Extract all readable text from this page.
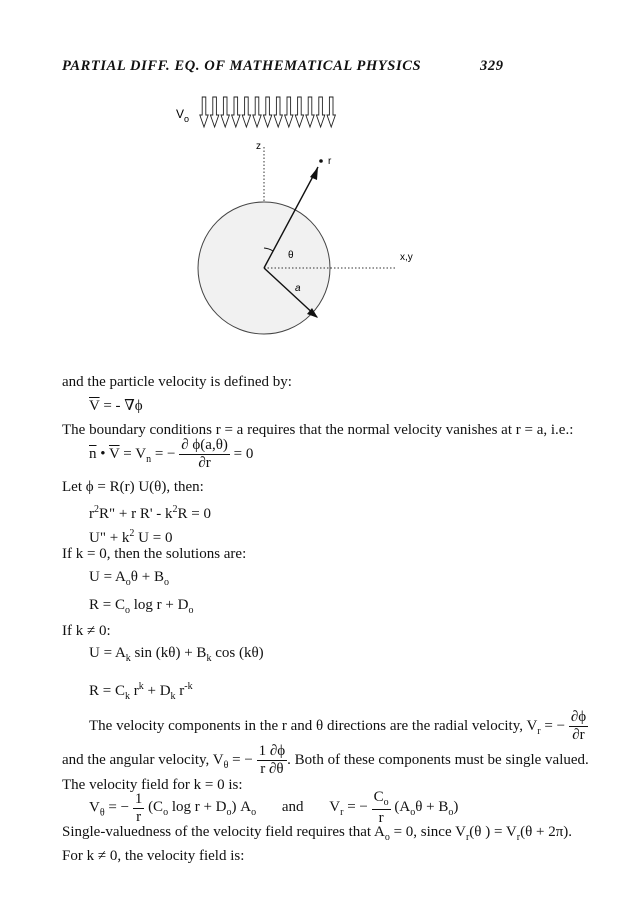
PARTIAL DIFF. EQ. OF MATHEMATICAL PHYSICS	329
$V_o$
z
x,y
r
θ
a
and the particle velocity is defined by:
$\overline{V}$ = - ∇ϕ
The boundary conditions r = a requires that the normal velocity vanishes at r = a, i.e.:
$\overline{n}$ • $\overline{V} = V_n$ = − $\frac{\partial \phi(a,\theta)}{\partial r} = 0$
Let ϕ = R(r) U(θ), then:
$r^2R$" + r $R' - k^2R = 0$
U" + $k^2$ U = 0
If k = 0, then the solutions are:
$U = A_o\theta + B_o$
$R = C_o$ $\log r + D_o$
If k ≠ 0:
$U = A_k$ $\sin (k\theta) + B_k$ cos (kθ)
$R = C_k$ $r^k + D_k$ $r^{-k}$
The velocity components in the r and θ directions are the radial velocity, $V_r$ = − $\frac{\partial\phi}{\partial r}$
and the angular velocity, $V_\theta$ = − $\frac{1 \partial\phi}{r \partial\theta}$ . Both of these components must be single valued.
The velocity field for k = 0 is:
$V_\theta$ = − $\frac{1}{r} (C_o$ $\log r + D_o$) $A_o$ and $V_r$ = − $\frac{C_o}{r} (A_o\theta + B_o)$
Single-valuedness of the velocity field requires that $A_o = 0$, since $V_r(\theta$ ) = $V_r(\theta + 2\pi)$.
For k ≠ 0, the velocity field is:
